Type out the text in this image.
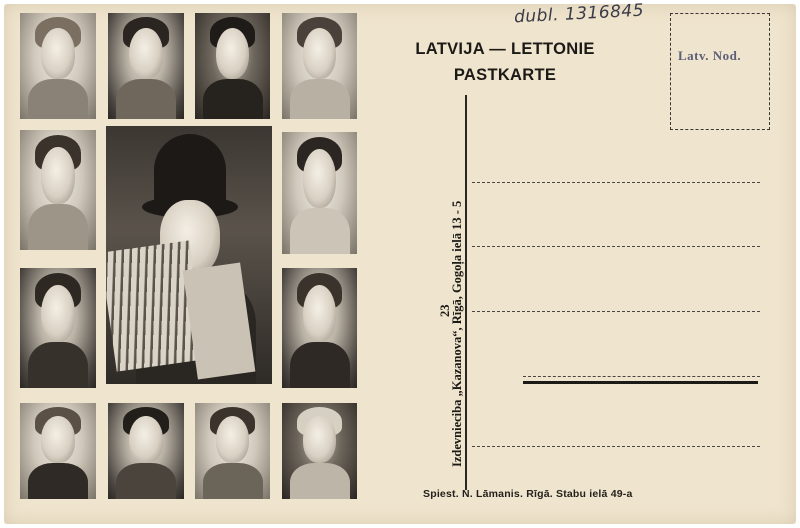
LATVIJA — LETTONIE
PASTKARTE
dubl. 1316845
Latv. Nod.
23
Izdevnieciba „Kazanova“, Rīgā, Gogoļa ielā 13 - 5
Spiest. N. Lāmanis. Rīgā. Stabu ielā 49-a
